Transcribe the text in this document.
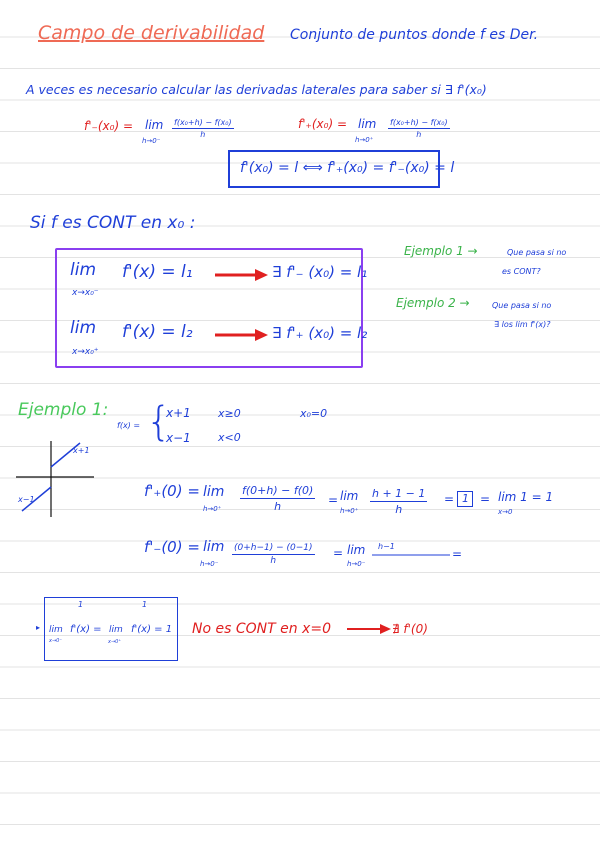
Campo de derivabilidad Conjunto de puntos donde f es Der.
A veces es necesario calcular las derivadas laterales para saber si ∃ f'(x₀)
f'₋(x₀) = lim
h→0⁻
$\frac{\text{f(x₀+h) − f(x₀)}}{h}$	f'₊(x₀) = lim
h→0⁺
$\frac{\text{f(x₀+h) − f(x₀)}}{h}$
f'(x₀) = l ⟺ f'₊(x₀) = f'₋(x₀) = l
Si f es CONT en x₀ :
lim
x→x₀⁻
f'(x) = l₁	∃ f'₋ (x₀) = l₁
lim
x→x₀⁺
f'(x) = l₂	∃ f'₊ (x₀) = l₂
Ejemplo 1 →	Que pasa si no
es CONT?
Ejemplo 2 →	Que pasa si no
∃ los lim f'(x)?
Ejemplo 1:
f(x) = {
x+1 x≥0
x−1 x<0
x₀=0
x+1
x−1	f'₊(0) = lim
$h\to 0^+ \frac{f(0+h) - f(0)}{h} = \lim$
$h\to 0^+ \frac{h + 1 - 1}{h} = 1 = \lim 1 = 1$
x→0
f'₋(0) = lim
$h\to 0^- \frac{(0+h-1) - (0-1)}{h} = \lim$
h→0⁻
h−1
=
▸ lim
x→0⁻
1
f'(x) = lim
x→0⁺
1
f'(x) = 1 No es CONT en x=0	∄ f'(0)
